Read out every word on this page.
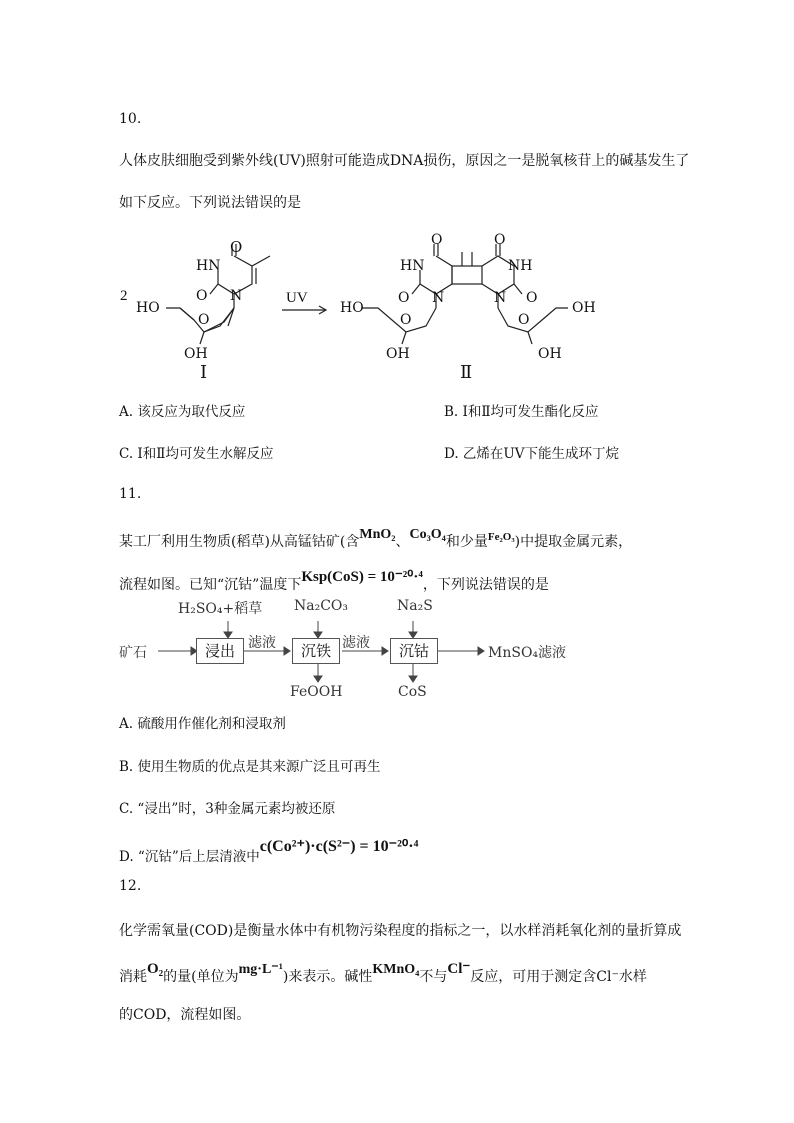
10.
人体皮肤细胞受到紫外线(UV)照射可能造成DNA损伤，原因之一是脱氧核苷上的碱基发生了
如下反应。下列说法错误的是
2
O
HN
O N
HO
O
OH
UV
Ⅰ
O	O
HN	NH
O N	N O
HO	OH
O	O
OH	OH
Ⅱ
A. 该反应为取代反应	B. Ⅰ和Ⅱ均可发生酯化反应
C. Ⅰ和Ⅱ均可发生水解反应	D. 乙烯在UV下能生成环丁烷
11.
某工厂利用生物质(稻草)从高锰钴矿(含MnO₂、Co₃O₄和少量$^{Fe_2O_3}$)中提取金属元素，
流程如图。已知“沉钴”温度下Ksp(CoS) = 10⁻²⁰·⁴，下列说法错误的是
H₂SO₄+稻草 Na₂CO₃	Na₂S
矿石	浸出 滤液	沉铁 滤液	沉钴	MnSO₄滤液
FeOOH	CoS
A. 硫酸用作催化剂和浸取剂
B. 使用生物质的优点是其来源广泛且可再生
C. “浸出”时，3种金属元素均被还原
D. “沉钴”后上层清液中c(Co²⁺)·c(S²⁻) = 10⁻²⁰·⁴
12.
化学需氧量(COD)是衡量水体中有机物污染程度的指标之一，以水样消耗氧化剂的量折算成
消耗O₂的量(单位为mg·L⁻¹)来表示。碱性KMnO₄不与Cl⁻反应，可用于测定含Cl⁻水样
的COD，流程如图。
